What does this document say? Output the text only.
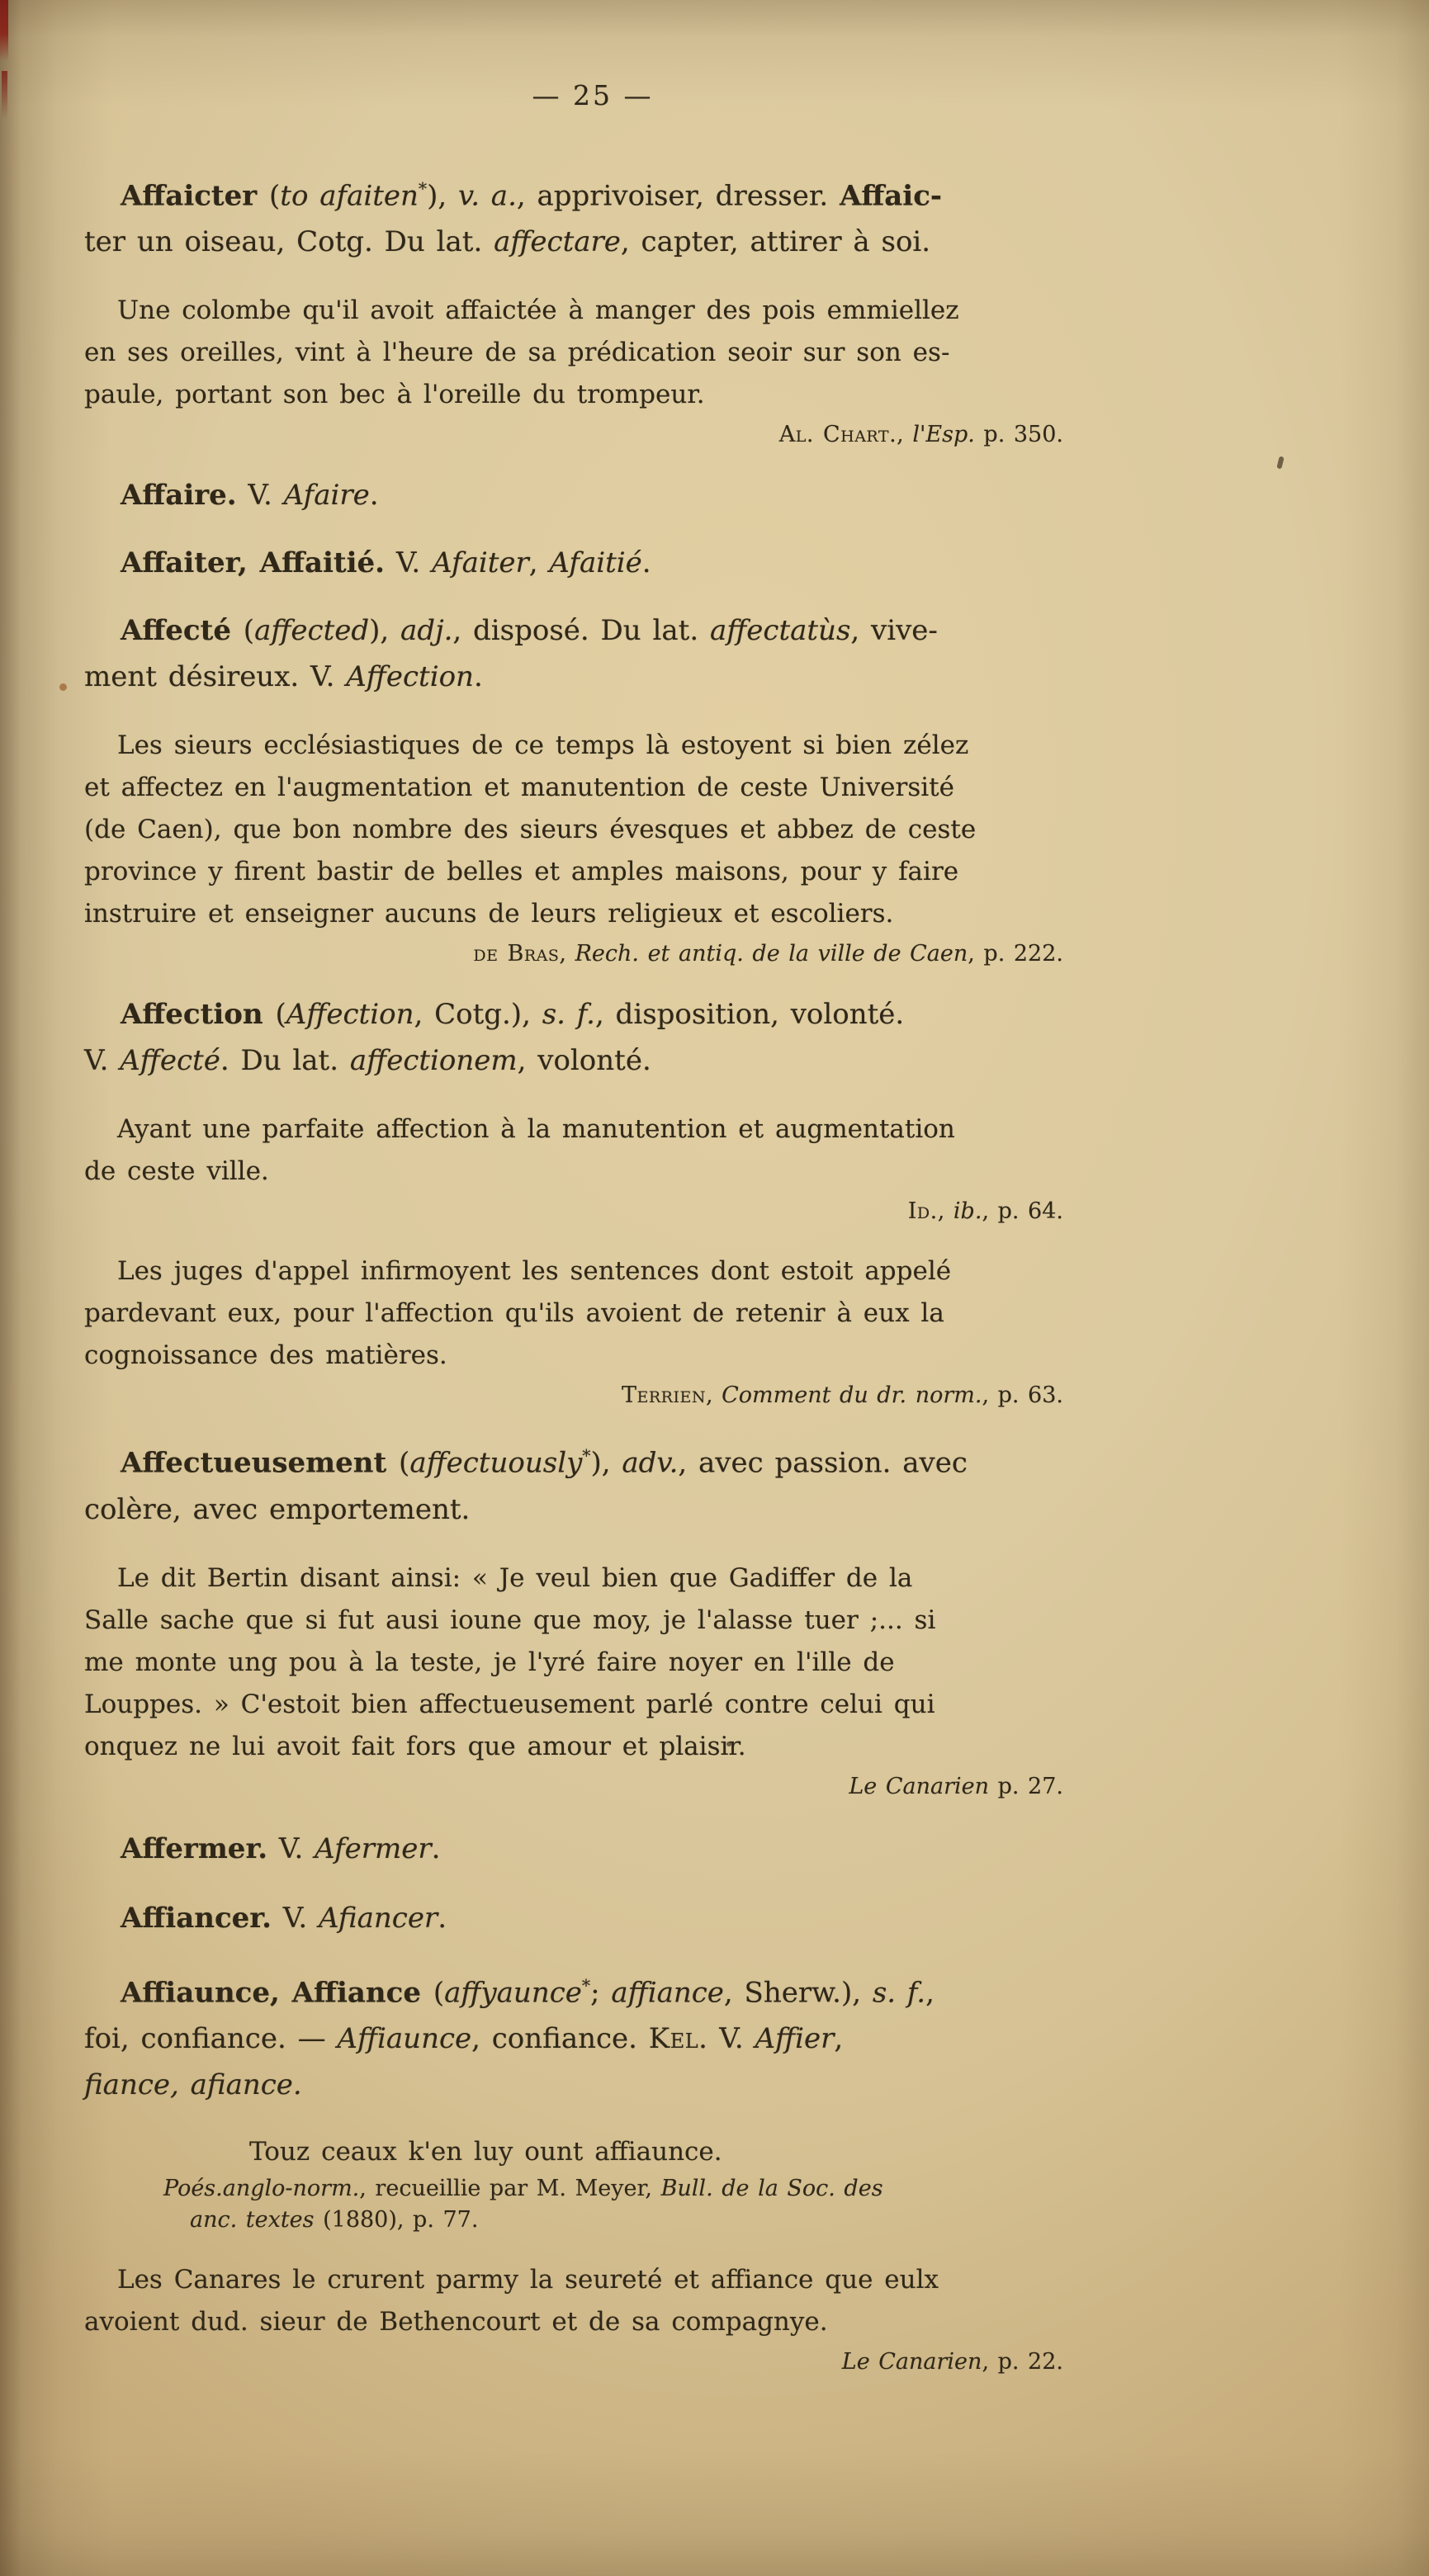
— 25 —
Affaicter (to afaiten*), v. a., apprivoiser, dresser. Affaic-
ter un oiseau, Cotg. Du lat. affectare, capter, attirer à soi.
Une colombe qu'il avoit affaictée à manger des pois emmiellez
en ses oreilles, vint à l'heure de sa prédication seoir sur son es-
paule, portant son bec à l'oreille du trompeur.
Al. Chart., l'Esp. p. 350.
Affaire. V. Afaire.
Affaiter, Affaitié. V. Afaiter, Afaitié.
Affecté (affected), adj., disposé. Du lat. affectatùs, vive-
ment désireux. V. Affection.
Les sieurs ecclésiastiques de ce temps là estoyent si bien zélez
et affectez en l'augmentation et manutention de ceste Université
(de Caen), que bon nombre des sieurs évesques et abbez de ceste
province y firent bastir de belles et amples maisons, pour y faire
instruire et enseigner aucuns de leurs religieux et escoliers.
de Bras, Rech. et antiq. de la ville de Caen, p. 222.
Affection (Affection, Cotg.), s. f., disposition, volonté.
V. Affecté. Du lat. affectionem, volonté.
Ayant une parfaite affection à la manutention et augmentation
de ceste ville.
Id., ib., p. 64.
Les juges d'appel infirmoyent les sentences dont estoit appelé
pardevant eux, pour l'affection qu'ils avoient de retenir à eux la
cognoissance des matières.
Terrien, Comment du dr. norm., p. 63.
Affectueusement (affectuously*), adv., avec passion. avec
colère, avec emportement.
Le dit Bertin disant ainsi: « Je veul bien que Gadiffer de la
Salle sache que si fut ausi ioune que moy, je l'alasse tuer ;... si
me monte ung pou à la teste, je l'yré faire noyer en l'ille de
Louppes. » C'estoit bien affectueusement parlé contre celui qui
onquez ne lui avoit fait fors que amour et plaisir.
Le Canarien p. 27.
Affermer. V. Afermer.
Affiancer. V. Afiancer.
Affiaunce, Affiance (affyaunce*; affiance, Sherw.), s. f.,
foi, confiance. — Affiaunce, confiance. Kel. V. Affier,
fiance, afiance.
Touz ceaux k'en luy ount affiaunce.
Poés.anglo-norm., recueillie par M. Meyer, Bull. de la Soc. des
anc. textes (1880), p. 77.
Les Canares le crurent parmy la seureté et affiance que eulx
avoient dud. sieur de Bethencourt et de sa compagnye.
Le Canarien, p. 22.
